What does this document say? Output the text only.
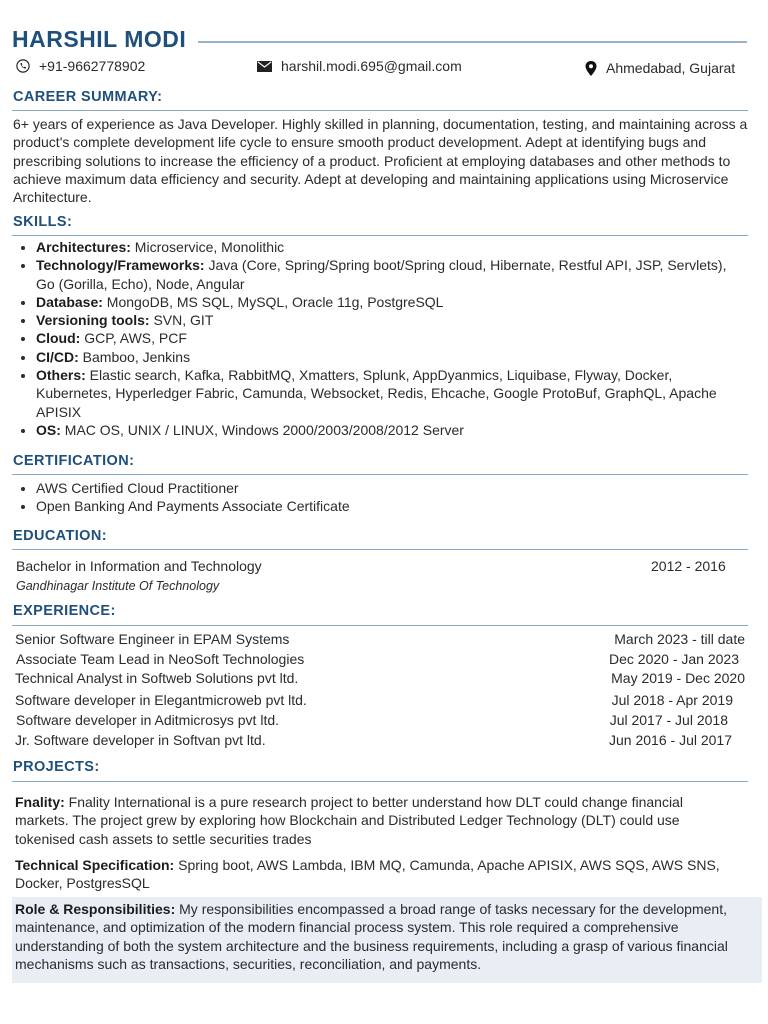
HARSHIL MODI
+91-9662778902	harshil.modi.695@gmail.com	Ahmedabad, Gujarat
CAREER SUMMARY:
6+ years of experience as Java Developer. Highly skilled in planning, documentation, testing, and maintaining across a product's complete development life cycle to ensure smooth product development. Adept at identifying bugs and prescribing solutions to increase the efficiency of a product. Proficient at employing databases and other methods to achieve maximum data efficiency and security. Adept at developing and maintaining applications using Microservice Architecture.
SKILLS:
• Architectures: Microservice, Monolithic
• Technology/Frameworks: Java (Core, Spring/Spring boot/Spring cloud, Hibernate, Restful API, JSP, Servlets), Go (Gorilla, Echo), Node, Angular
• Database: MongoDB, MS SQL, MySQL, Oracle 11g, PostgreSQL
• Versioning tools: SVN, GIT
• Cloud: GCP, AWS, PCF
• CI/CD: Bamboo, Jenkins
• Others: Elastic search, Kafka, RabbitMQ, Xmatters, Splunk, AppDyanmics, Liquibase, Flyway, Docker, Kubernetes, Hyperledger Fabric, Camunda, Websocket, Redis, Ehcache, Google ProtoBuf, GraphQL, Apache APISIX
• OS: MAC OS, UNIX / LINUX, Windows 2000/2003/2008/2012 Server
CERTIFICATION:
• AWS Certified Cloud Practitioner
• Open Banking And Payments Associate Certificate
EDUCATION:
Bachelor in Information and Technology	2012 - 2016
Gandhinagar Institute Of Technology
EXPERIENCE:
Senior Software Engineer in EPAM Systems	March 2023 - till date
Associate Team Lead in NeoSoft Technologies	Dec 2020 - Jan 2023
Technical Analyst in Softweb Solutions pvt ltd.	May 2019 - Dec 2020
Software developer in Elegantmicroweb pvt ltd.	Jul 2018 - Apr 2019
Software developer in Aditmicrosys pvt ltd.	Jul 2017 - Jul 2018
Jr. Software developer in Softvan pvt ltd.	Jun 2016 - Jul 2017
PROJECTS:
Fnality: Fnality International is a pure research project to better understand how DLT could change financial markets. The project grew by exploring how Blockchain and Distributed Ledger Technology (DLT) could use tokenised cash assets to settle securities trades
Technical Specification: Spring boot, AWS Lambda, IBM MQ, Camunda, Apache APISIX, AWS SQS, AWS SNS, Docker, PostgresSQL
Role & Responsibilities: My responsibilities encompassed a broad range of tasks necessary for the development, maintenance, and optimization of the modern financial process system. This role required a comprehensive understanding of both the system architecture and the business requirements, including a grasp of various financial mechanisms such as transactions, securities, reconciliation, and payments.
